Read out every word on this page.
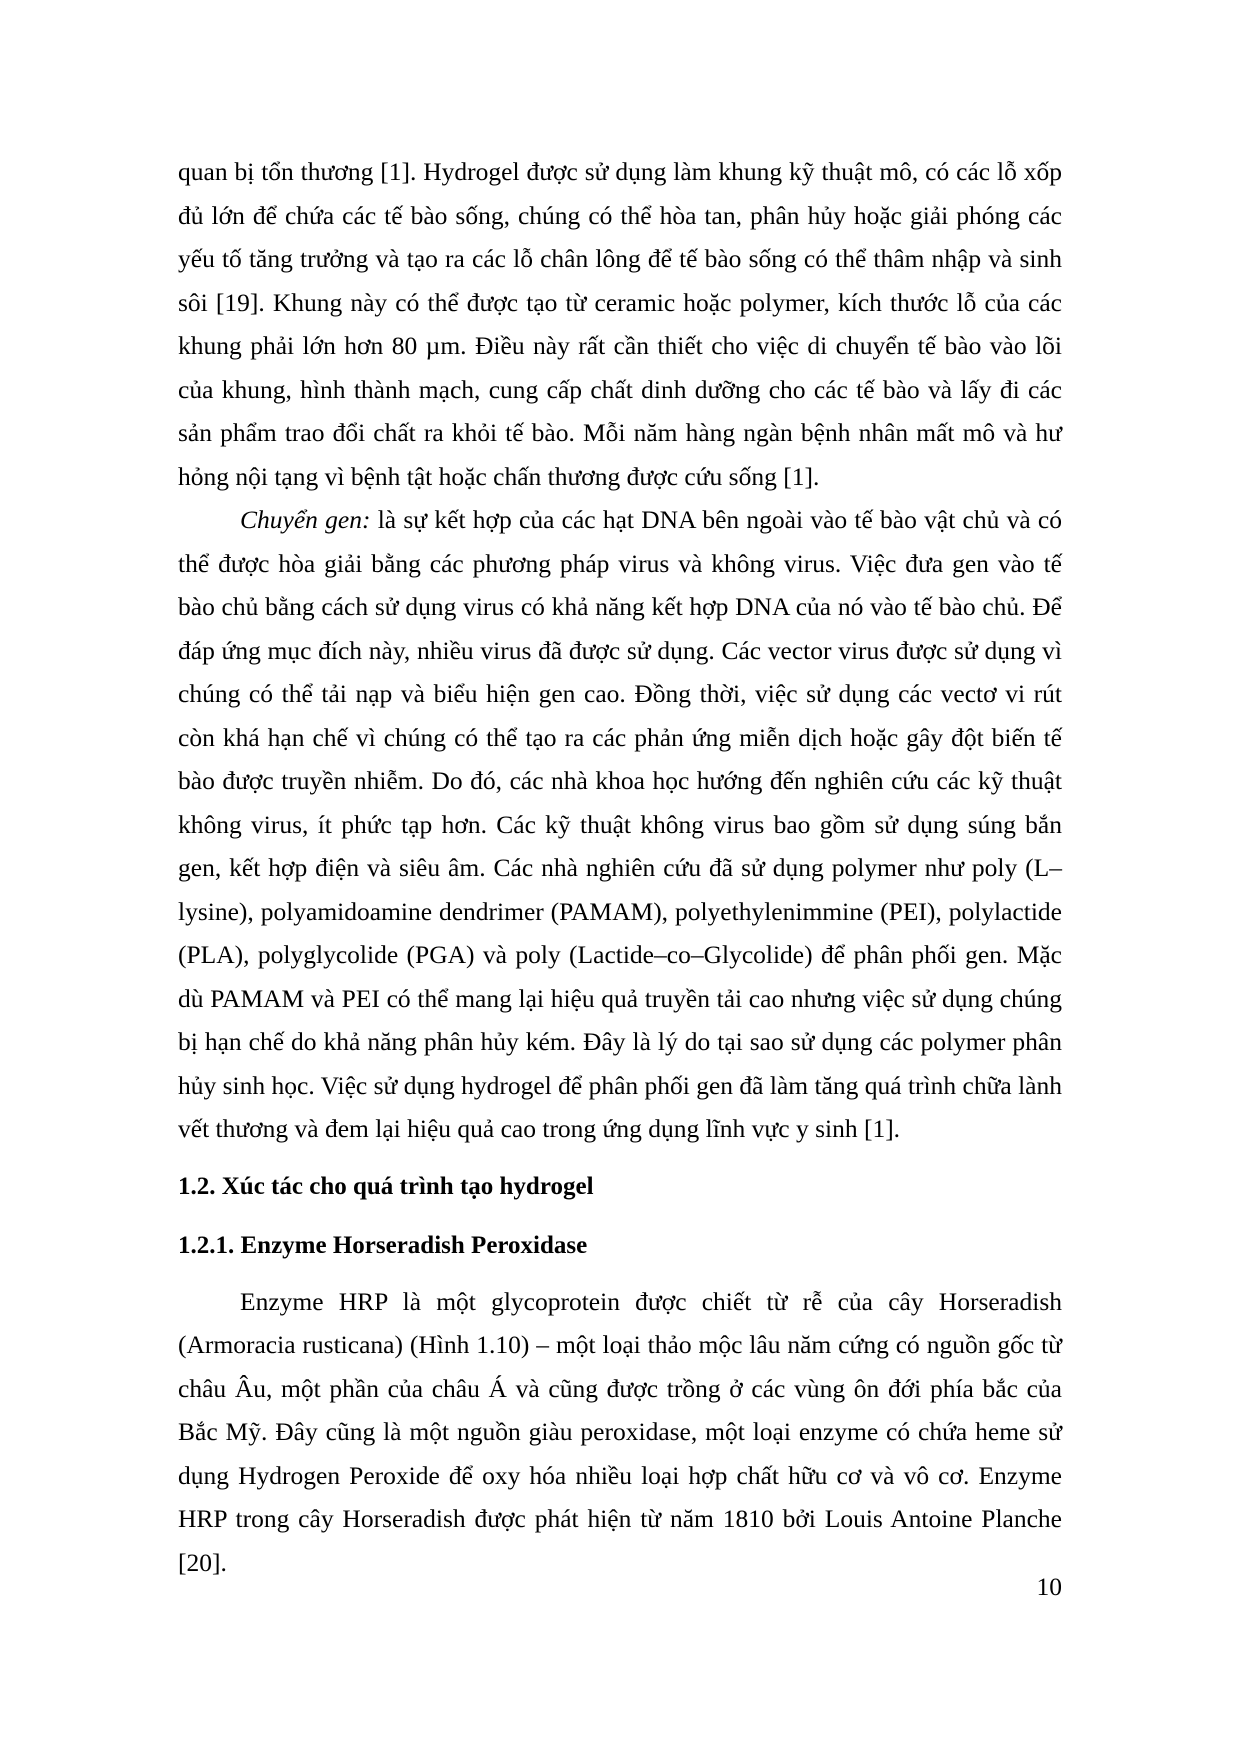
quan bị tổn thương [1]. Hydrogel được sử dụng làm khung kỹ thuật mô, có các lỗ xốp đủ lớn để chứa các tế bào sống, chúng có thể hòa tan, phân hủy hoặc giải phóng các yếu tố tăng trưởng và tạo ra các lỗ chân lông để tế bào sống có thể thâm nhập và sinh sôi [19]. Khung này có thể được tạo từ ceramic hoặc polymer, kích thước lỗ của các khung phải lớn hơn 80 µm. Điều này rất cần thiết cho việc di chuyển tế bào vào lõi của khung, hình thành mạch, cung cấp chất dinh dưỡng cho các tế bào và lấy đi các sản phẩm trao đổi chất ra khỏi tế bào. Mỗi năm hàng ngàn bệnh nhân mất mô và hư hỏng nội tạng vì bệnh tật hoặc chấn thương được cứu sống [1].

Chuyển gen: là sự kết hợp của các hạt DNA bên ngoài vào tế bào vật chủ và có thể được hòa giải bằng các phương pháp virus và không virus. Việc đưa gen vào tế bào chủ bằng cách sử dụng virus có khả năng kết hợp DNA của nó vào tế bào chủ. Để đáp ứng mục đích này, nhiều virus đã được sử dụng. Các vector virus được sử dụng vì chúng có thể tải nạp và biểu hiện gen cao. Đồng thời, việc sử dụng các vectơ vi rút còn khá hạn chế vì chúng có thể tạo ra các phản ứng miễn dịch hoặc gây đột biến tế bào được truyền nhiễm. Do đó, các nhà khoa học hướng đến nghiên cứu các kỹ thuật không virus, ít phức tạp hơn. Các kỹ thuật không virus bao gồm sử dụng súng bắn gen, kết hợp điện và siêu âm. Các nhà nghiên cứu đã sử dụng polymer như poly (L–lysine), polyamidoamine dendrimer (PAMAM), polyethylenimmine (PEI), polylactide (PLA), polyglycolide (PGA) và poly (Lactide–co–Glycolide) để phân phối gen. Mặc dù PAMAM và PEI có thể mang lại hiệu quả truyền tải cao nhưng việc sử dụng chúng bị hạn chế do khả năng phân hủy kém. Đây là lý do tại sao sử dụng các polymer phân hủy sinh học. Việc sử dụng hydrogel để phân phối gen đã làm tăng quá trình chữa lành vết thương và đem lại hiệu quả cao trong ứng dụng lĩnh vực y sinh [1].

1.2. Xúc tác cho quá trình tạo hydrogel
1.2.1. Enzyme Horseradish Peroxidase

Enzyme HRP là một glycoprotein được chiết từ rễ của cây Horseradish (Armoracia rusticana) (Hình 1.10) – một loại thảo mộc lâu năm cứng có nguồn gốc từ châu Âu, một phần của châu Á và cũng được trồng ở các vùng ôn đới phía bắc của Bắc Mỹ. Đây cũng là một nguồn giàu peroxidase, một loại enzyme có chứa heme sử dụng Hydrogen Peroxide để oxy hóa nhiều loại hợp chất hữu cơ và vô cơ. Enzyme HRP trong cây Horseradish được phát hiện từ năm 1810 bởi Louis Antoine Planche [20].

10
